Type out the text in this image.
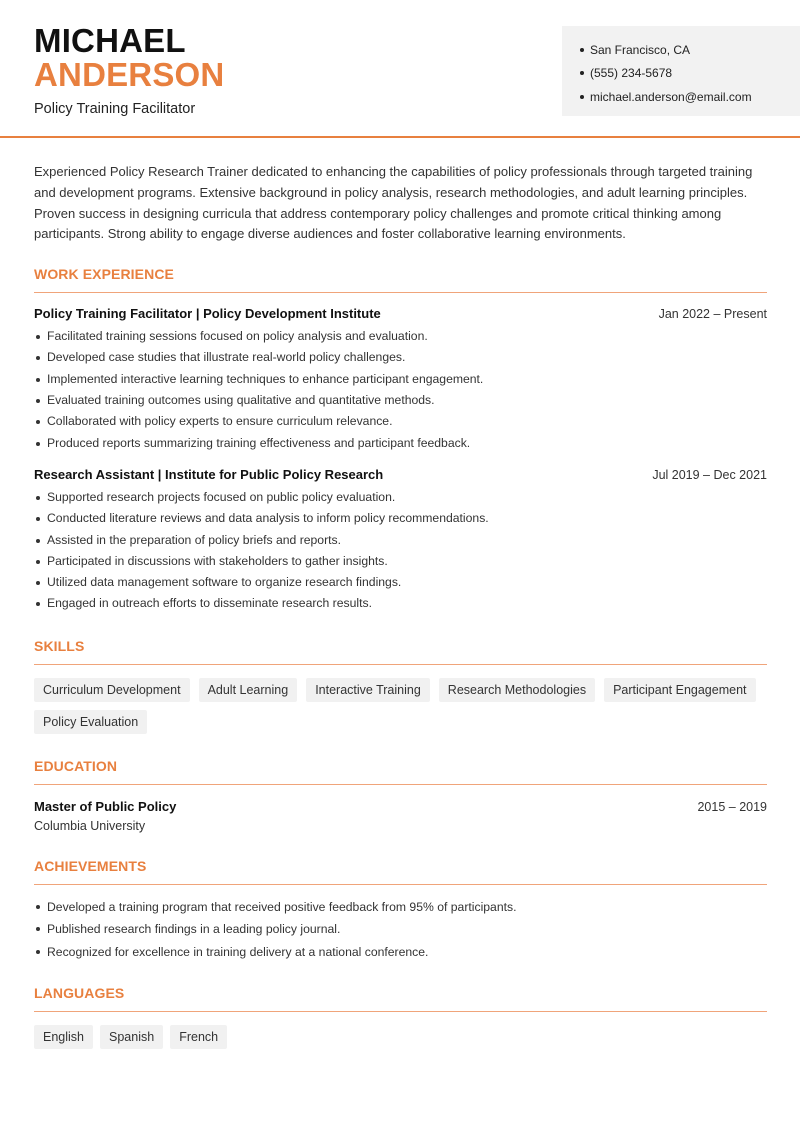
MICHAEL
ANDERSON
Policy Training Facilitator
San Francisco, CA
(555) 234-5678
michael.anderson@email.com

Experienced Policy Research Trainer dedicated to enhancing the capabilities of policy professionals through targeted training and development programs. Extensive background in policy analysis, research methodologies, and adult learning principles. Proven success in designing curricula that address contemporary policy challenges and promote critical thinking among participants. Strong ability to engage diverse audiences and foster collaborative learning environments.

WORK EXPERIENCE
Policy Training Facilitator | Policy Development Institute	Jan 2022 – Present
Facilitated training sessions focused on policy analysis and evaluation.
Developed case studies that illustrate real-world policy challenges.
Implemented interactive learning techniques to enhance participant engagement.
Evaluated training outcomes using qualitative and quantitative methods.
Collaborated with policy experts to ensure curriculum relevance.
Produced reports summarizing training effectiveness and participant feedback.
Research Assistant | Institute for Public Policy Research	Jul 2019 – Dec 2021
Supported research projects focused on public policy evaluation.
Conducted literature reviews and data analysis to inform policy recommendations.
Assisted in the preparation of policy briefs and reports.
Participated in discussions with stakeholders to gather insights.
Utilized data management software to organize research findings.
Engaged in outreach efforts to disseminate research results.
SKILLS
Curriculum Development	Adult Learning	Interactive Training	Research Methodologies	Participant Engagement
Policy Evaluation
EDUCATION
Master of Public Policy	2015 – 2019
Columbia University
ACHIEVEMENTS
Developed a training program that received positive feedback from 95% of participants.
Published research findings in a leading policy journal.
Recognized for excellence in training delivery at a national conference.
LANGUAGES
English	Spanish	French
